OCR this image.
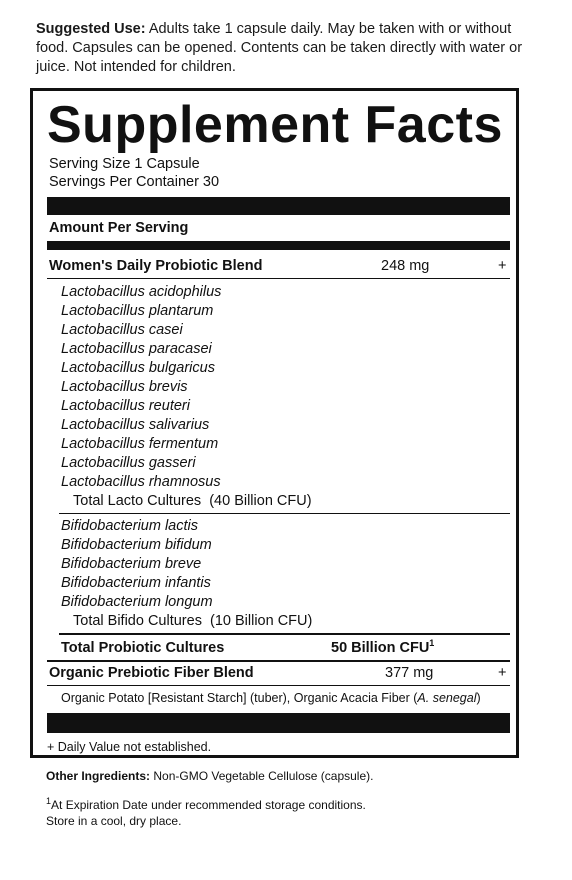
Suggested Use: Adults take 1 capsule daily. May be taken with or without food. Capsules can be opened. Contents can be taken directly with water or juice. Not intended for children.
Supplement Facts
Serving Size 1 Capsule
Servings Per Container 30
Amount Per Serving
Women's Daily Probiotic Blend	248 mg	+
Lactobacillus acidophilus
Lactobacillus plantarum
Lactobacillus casei
Lactobacillus paracasei
Lactobacillus bulgaricus
Lactobacillus brevis
Lactobacillus reuteri
Lactobacillus salivarius
Lactobacillus fermentum
Lactobacillus gasseri
Lactobacillus rhamnosus
Total Lacto Cultures  (40 Billion CFU)
Bifidobacterium lactis
Bifidobacterium bifidum
Bifidobacterium breve
Bifidobacterium infantis
Bifidobacterium longum
Total Bifido Cultures  (10 Billion CFU)
Total Probiotic Cultures	50 Billion CFU$^1$
Organic Prebiotic Fiber Blend	377 mg	+
Organic Potato [Resistant Starch] (tuber), Organic Acacia Fiber (A. senegal)
+ Daily Value not established.
Other Ingredients: Non-GMO Vegetable Cellulose (capsule).
$^1$At Expiration Date under recommended storage conditions. Store in a cool, dry place.
